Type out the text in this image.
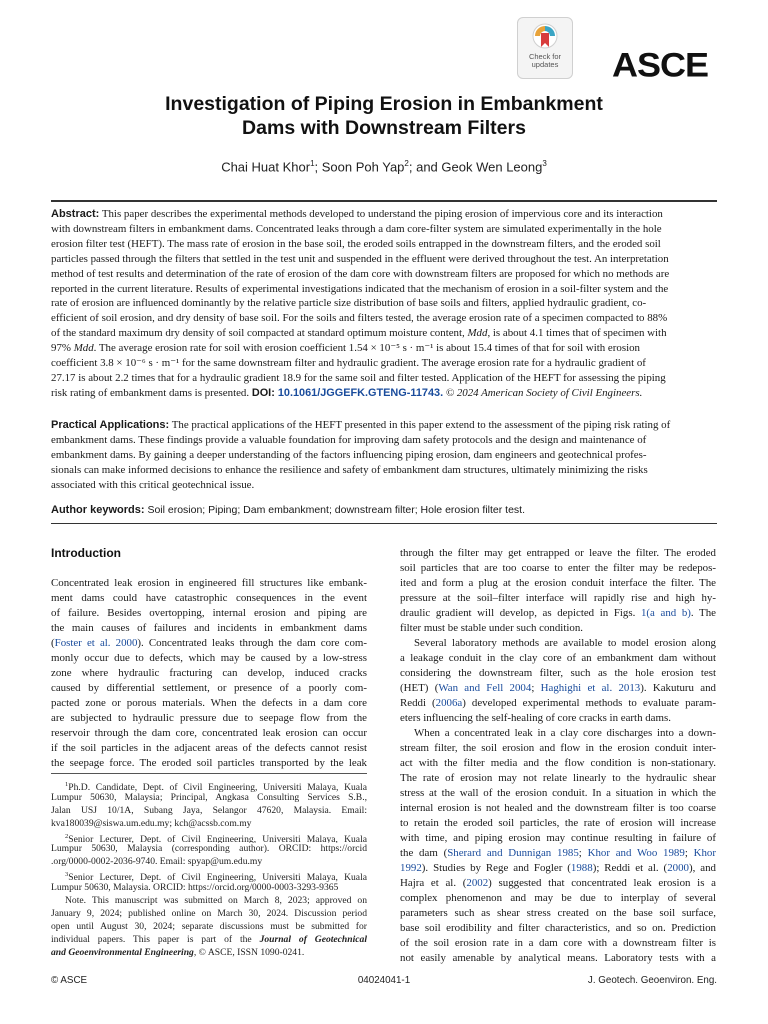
Check for
updates	ASCE
Investigation of Piping Erosion in Embankment
Dams with Downstream Filters
Chai Huat Khor$^1$; Soon Poh Yap$^2$; and Geok Wen Leong$^3$
Abstract: This paper describes the experimental methods developed to understand the piping erosion of impervious core and its interaction
with downstream filters in embankment dams. Concentrated leaks through a dam core-filter system are simulated experimentally in the hole
erosion filter test (HEFT). The mass rate of erosion in the base soil, the eroded soils entrapped in the downstream filters, and the eroded soil
particles passed through the filters that settled in the test unit and suspended in the effluent were derived throughout the test. An interpretation
method of test results and determination of the rate of erosion of the dam core with downstream filters are proposed for which no methods are
reported in the current literature. Results of experimental investigations indicated that the mechanism of erosion in a soil-filter system and the
rate of erosion are influenced dominantly by the relative particle size distribution of base soils and filters, applied hydraulic gradient, co-
efficient of soil erosion, and dry density of base soil. For the soils and filters tested, the average erosion rate of a specimen compacted to 88%
of the standard maximum dry density of soil compacted at standard optimum moisture content, Mdd, is about 4.1 times that of specimen with
97% Mdd. The average erosion rate for soil with erosion coefficient 1.54 × 10⁻⁵ s · m⁻¹ is about 15.4 times of that for soil with erosion
coefficient 3.8 × 10⁻⁶ s · m⁻¹ for the same downstream filter and hydraulic gradient. The average erosion rate for a hydraulic gradient of
27.17 is about 2.2 times that for a hydraulic gradient 18.9 for the same soil and filter tested. Application of the HEFT for assessing the piping
risk rating of embankment dams is presented. DOI: 10.1061/JGGEFK.GTENG-11743. © 2024 American Society of Civil Engineers.
Practical Applications: The practical applications of the HEFT presented in this paper extend to the assessment of the piping risk rating of
embankment dams. These findings provide a valuable foundation for improving dam safety protocols and the design and maintenance of
embankment dams. By gaining a deeper understanding of the factors influencing piping erosion, dam engineers and geotechnical profes-
sionals can make informed decisions to enhance the resilience and safety of embankment dam structures, ultimately minimizing the risks
associated with this critical geotechnical issue.
Author keywords: Soil erosion; Piping; Dam embankment; downstream filter; Hole erosion filter test.
Introduction
Concentrated leak erosion in engineered fill structures like embank-
ment dams could have catastrophic consequences in the event
of failure. Besides overtopping, internal erosion and piping are
the main causes of failures and incidents in embankment dams
(Foster et al. 2000). Concentrated leaks through the dam core com-
monly occur due to defects, which may be caused by a low-stress
zone where hydraulic fracturing can develop, induced cracks
caused by differential settlement, or presence of a poorly com-
pacted zone or porous materials. When the defects in a dam core
are subjected to hydraulic pressure due to seepage flow from the
reservoir through the dam core, concentrated leak erosion can occur
if the soil particles in the adjacent areas of the defects cannot resist
the seepage force. The eroded soil particles transported by the leak
$^1$Ph.D. Candidate, Dept. of Civil Engineering, Universiti Malaya, Kuala
Lumpur 50630, Malaysia; Principal, Angkasa Consulting Services S.B.,
Jalan USJ 10/1A, Subang Jaya, Selangor 47620, Malaysia. Email:
kva180039@siswa.um.edu.my; kch@acssb.com.my
$^2$Senior Lecturer, Dept. of Civil Engineering, Universiti Malaya, Kuala
Lumpur 50630, Malaysia (corresponding author). ORCID: https://orcid
.org/0000-0002-2036-9740. Email: spyap@um.edu.my
$^3$Senior Lecturer, Dept. of Civil Engineering, Universiti Malaya, Kuala
Lumpur 50630, Malaysia. ORCID: https://orcid.org/0000-0003-3293-9365
Note. This manuscript was submitted on March 8, 2023; approved on
January 9, 2024; published online on March 30, 2024. Discussion period
open until August 30, 2024; separate discussions must be submitted for
individual papers. This paper is part of the Journal of Geotechnical
and Geoenvironmental Engineering, © ASCE, ISSN 1090-0241.
through the filter may get entrapped or leave the filter. The eroded
soil particles that are too coarse to enter the filter may be redepos-
ited and form a plug at the erosion conduit interface the filter. The
pressure at the soil–filter interface will rapidly rise and high hy-
draulic gradient will develop, as depicted in Figs. 1(a and b). The
filter must be stable under such condition.
Several laboratory methods are available to model erosion along
a leakage conduit in the clay core of an embankment dam without
considering the downstream filter, such as the hole erosion test
(HET) (Wan and Fell 2004; Haghighi et al. 2013). Kakuturu and
Reddi (2006a) developed experimental methods to evaluate param-
eters influencing the self-healing of core cracks in earth dams.
When a concentrated leak in a clay core discharges into a down-
stream filter, the soil erosion and flow in the erosion conduit inter-
act with the filter media and the flow condition is non-stationary.
The rate of erosion may not relate linearly to the hydraulic shear
stress at the wall of the erosion conduit. In a situation in which the
internal erosion is not healed and the downstream filter is too coarse
to retain the eroded soil particles, the rate of erosion will increase
with time, and piping erosion may continue resulting in failure of
the dam (Sherard and Dunnigan 1985; Khor and Woo 1989; Khor
1992). Studies by Rege and Fogler (1988); Reddi et al. (2000), and
Hajra et al. (2002) suggested that concentrated leak erosion is a
complex phenomenon and may be due to interplay of several
parameters such as shear stress created on the base soil surface,
base soil erodibility and filter characteristics, and so on. Prediction
of the soil erosion rate in a dam core with a downstream filter is
not easily amenable by analytical means. Laboratory tests with a
© ASCE	04024041-1	J. Geotech. Geoenviron. Eng.
